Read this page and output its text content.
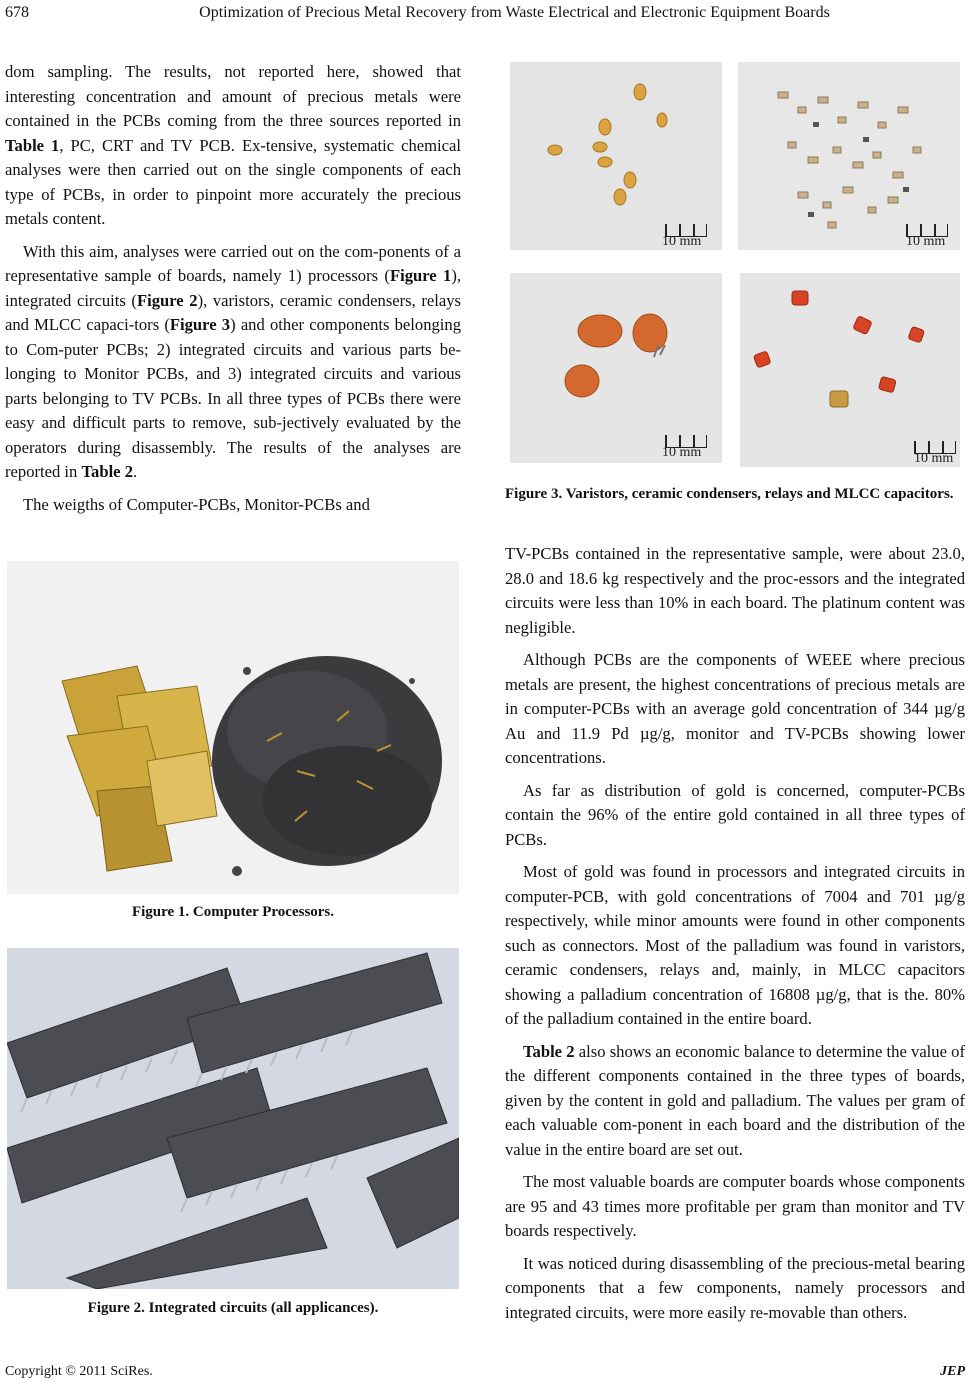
678	Optimization of Precious Metal Recovery from Waste Electrical and Electronic Equipment Boards

dom sampling. The results, not reported here, showed that interesting concentration and amount of precious metals were contained in the PCBs coming from the three sources reported in Table 1, PC, CRT and TV PCB. Ex-tensive, systematic chemical analyses were then carried out on the single components of each type of PCBs, in order to pinpoint more accurately the precious metals content.

With this aim, analyses were carried out on the com-ponents of a representative sample of boards, namely 1) processors (Figure 1), integrated circuits (Figure 2), varistors, ceramic condensers, relays and MLCC capaci-tors (Figure 3) and other components belonging to Com-puter PCBs; 2) integrated circuits and various parts be-longing to Monitor PCBs, and 3) integrated circuits and various parts belonging to TV PCBs. In all three types of PCBs there were easy and difficult parts to remove, sub-jectively evaluated by the operators during disassembly. The results of the analyses are reported in Table 2.

The weigths of Computer-PCBs, Monitor-PCBs and

Figure 1. Computer Processors.
Figure 2. Integrated circuits (all applicances).
10 mm	10 mm
10 mm	10 mm
Figure 3. Varistors, ceramic condensers, relays and MLCC capacitors.

TV-PCBs contained in the representative sample, were about 23.0, 28.0 and 18.6 kg respectively and the proc-essors and the integrated circuits were less than 10% in each board. The platinum content was negligible.

Although PCBs are the components of WEEE where precious metals are present, the highest concentrations of precious metals are in computer-PCBs with an average gold concentration of 344 µg/g Au and 11.9 Pd µg/g, monitor and TV-PCBs showing lower concentrations.

As far as distribution of gold is concerned, computer-PCBs contain the 96% of the entire gold contained in all three types of PCBs.

Most of gold was found in processors and integrated circuits in computer-PCB, with gold concentrations of 7004 and 701 µg/g respectively, while minor amounts were found in other components such as connectors. Most of the palladium was found in varistors, ceramic condensers, relays and, mainly, in MLCC capacitors showing a palladium concentration of 16808 µg/g, that is the. 80% of the palladium contained in the entire board.

Table 2 also shows an economic balance to determine the value of the different components contained in the three types of boards, given by the content in gold and palladium. The values per gram of each valuable com-ponent in each board and the distribution of the value in the entire board are set out.

The most valuable boards are computer boards whose components are 95 and 43 times more profitable per gram than monitor and TV boards respectively.

It was noticed during disassembling of the precious-metal bearing components that a few components, namely processors and integrated circuits, were more easily re-movable than others.

Copyright © 2011 SciRes.	JEP
